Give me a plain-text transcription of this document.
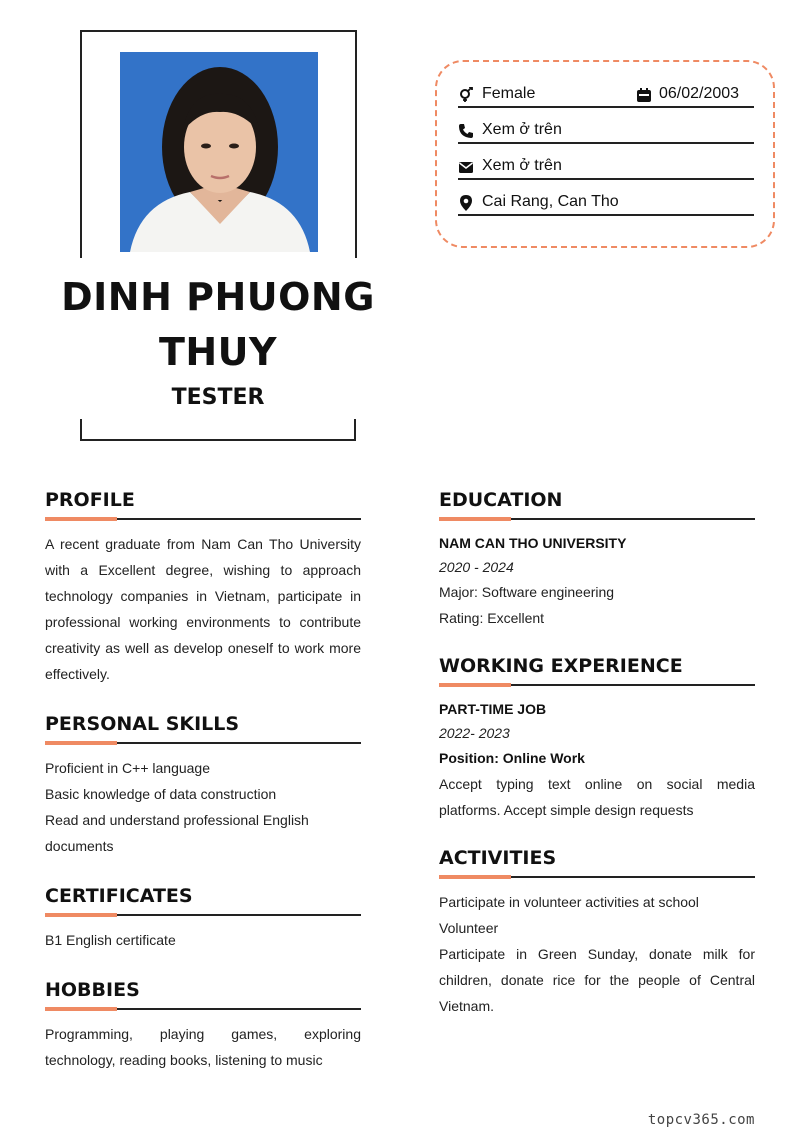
DINH PHUONG
THUY
TESTER
Female	06/02/2003
Xem ở trên
Xem ở trên
Cai Rang, Can Tho
PROFILE
A recent graduate from Nam Can Tho University with a Excellent degree, wishing to approach technology companies in Vietnam, participate in professional working environments to contribute creativity as well as develop oneself to work more effectively.
PERSONAL SKILLS
Proficient in C++ language
Basic knowledge of data construction
Read and understand professional English documents
CERTIFICATES
B1 English certificate
HOBBIES
Programming, playing games, exploring technology, reading books, listening to music
EDUCATION
NAM CAN THO UNIVERSITY
2020 - 2024
Major: Software engineering
Rating: Excellent
WORKING EXPERIENCE
PART-TIME JOB
2022- 2023
Position: Online Work
Accept typing text online on social media platforms. Accept simple design requests
ACTIVITIES
Participate in volunteer activities at school
Volunteer
Participate in Green Sunday, donate milk for children, donate rice for the people of Central Vietnam.
topcv365.com
